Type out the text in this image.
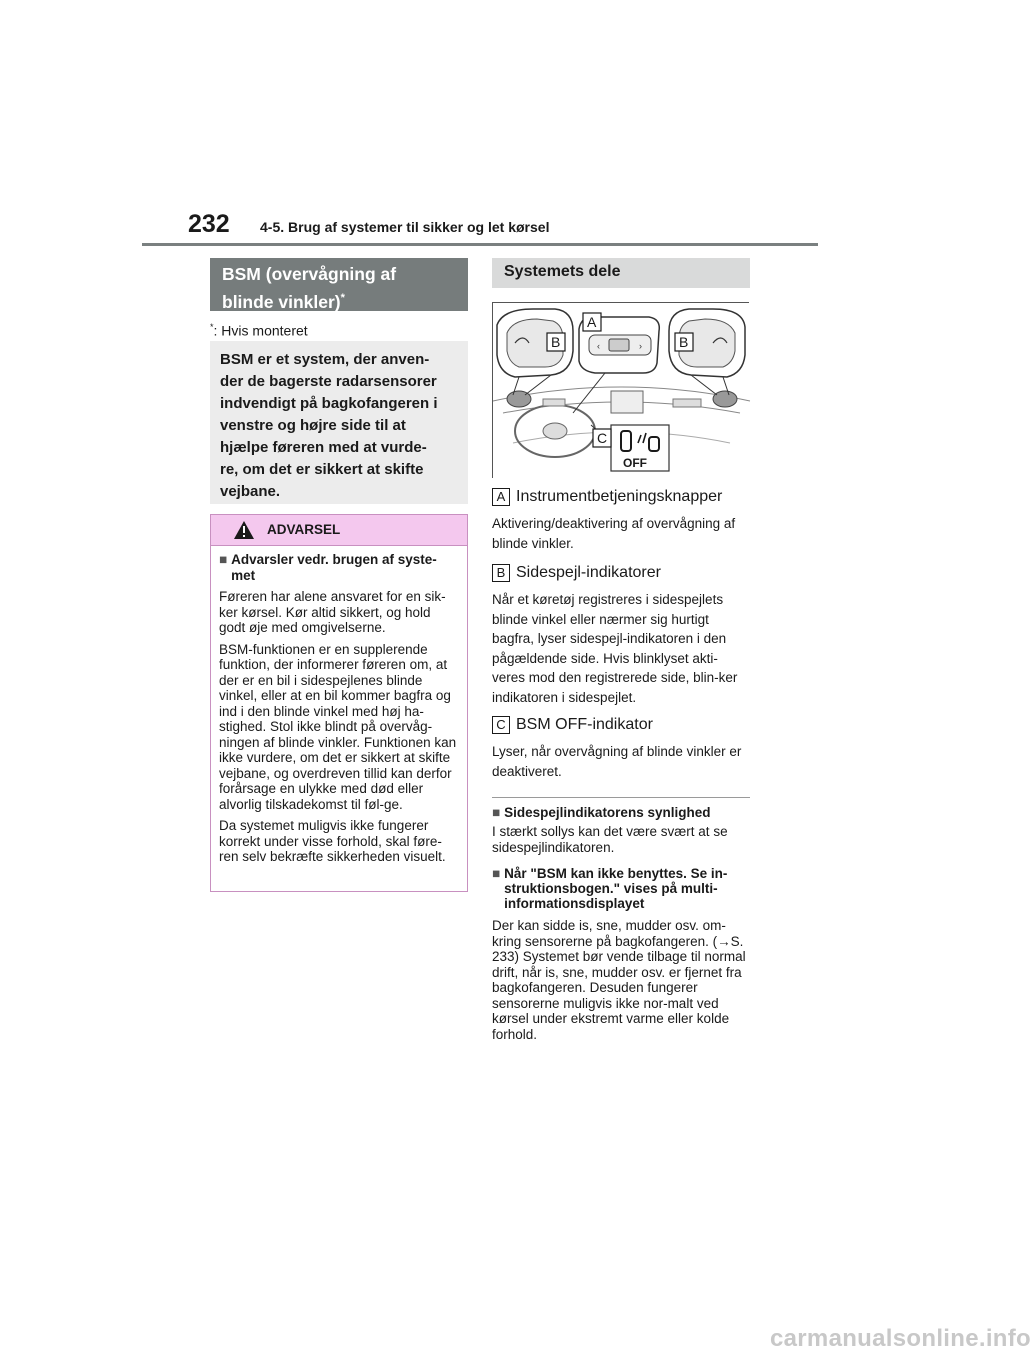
232 4-5. Brug af systemer til sikker og let kørsel
BSM (overvågning af
blinde vinkler)*
*: Hvis monteret
BSM er et system, der anven-
der de bagerste radarsensorer
indvendigt på bagkofangeren i
venstre og højre side til at
hjælpe føreren med at vurde-
re, om det er sikkert at skifte
vejbane.
ADVARSEL
■ Advarsler vedr. brugen af syste-met

Føreren har alene ansvaret for en sik-ker kørsel. Kør altid sikkert, og hold godt øje med omgivelserne.

BSM-funktionen er en supplerende funktion, der informerer føreren om, at der er en bil i sidespejlenes blinde vinkel, eller at en bil kommer bagfra og ind i den blinde vinkel med høj ha-stighed. Stol ikke blindt på overvåg-ningen af blinde vinkler. Funktionen kan ikke vurdere, om det er sikkert at skifte vejbane, og overdreven tillid kan derfor forårsage en ulykke med død eller alvorlig tilskadekomst til føl-ge.

Da systemet muligvis ikke fungerer korrekt under visse forhold, skal føre-ren selv bekræfte sikkerheden visuelt.

Systemets dele
‹	›
A
B	B
OFF
C
A Instrumentbetjeningsknapper
Aktivering/deaktivering af overvågning af blinde vinkler.
B Sidespejl-indikatorer
Når et køretøj registreres i sidespejlets blinde vinkel eller nærmer sig hurtigt bagfra, lyser sidespejl-indikatoren i den pågældende side. Hvis blinklyset akti-veres mod den registrerede side, blin-ker indikatoren i sidespejlet.
C BSM OFF-indikator
Lyser, når overvågning af blinde vinkler er deaktiveret.
■ Sidespejlindikatorens synlighed
I stærkt sollys kan det være svært at se sidespejlindikatoren.
■ Når "BSM kan ikke benyttes. Se in-struktionsbogen." vises på multi-informationsdisplayet
Der kan sidde is, sne, mudder osv. om-kring sensorerne på bagkofangeren. (→S. 233) Systemet bør vende tilbage til normal drift, når is, sne, mudder osv. er fjernet fra bagkofangeren. Desuden fungerer sensorerne muligvis ikke nor-malt ved kørsel under ekstremt varme eller kolde forhold.
carmanualsonline.info
